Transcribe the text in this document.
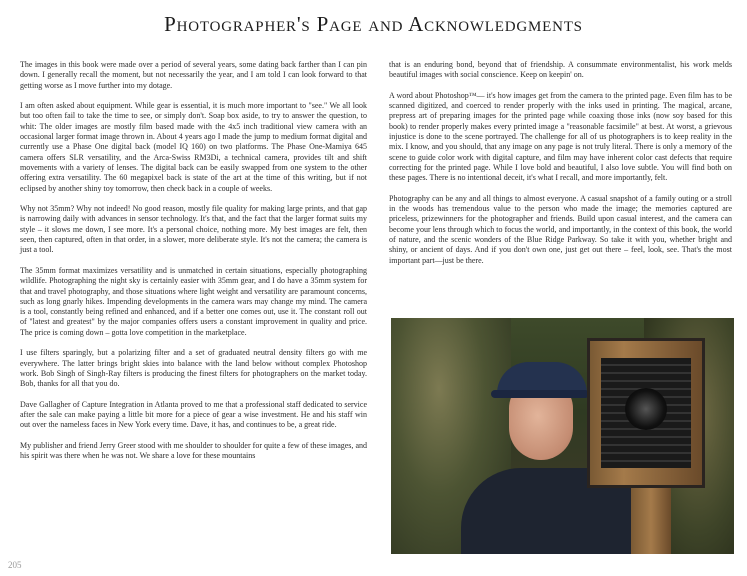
Photographer's Page and Acknowledgments

The images in this book were made over a period of several years, some dating back farther than I can pin down. I generally recall the moment, but not necessarily the year, and I am told I can look forward to that getting worse as I move further into my dotage.

I am often asked about equipment. While gear is essential, it is much more important to "see." We all look but too often fail to take the time to see, or simply don't. Soap box aside, to try to answer the question, to whit: The older images are mostly film based made with the 4x5 inch traditional view camera with an occasional larger format image thrown in. About 4 years ago I made the jump to medium format digital and currently use a Phase One digital back (model IQ 160) on two platforms. The Phase One-Mamiya 645 camera offers SLR versatility, and the Arca-Swiss RM3Di, a technical camera, provides tilt and shift movements with a variety of lenses. The digital back can be easily swapped from one system to the other offering extra versatility. The 60 megapixel back is state of the art at the time of this writing, but if not eclipsed by another shiny toy tomorrow, then check back in a couple of weeks.

Why not 35mm? Why not indeed! No good reason, mostly file quality for making large prints, and that gap is narrowing daily with advances in sensor technology. It's that, and the fact that the larger format suits my style – it slows me down, I see more. It's a personal choice, nothing more. My best images are felt, then seen, then captured, often in that order, in a slower, more deliberate style. It's not the camera; the camera is just a tool.

The 35mm format maximizes versatility and is unmatched in certain situations, especially photographing wildlife. Photographing the night sky is certainly easier with 35mm gear, and I do have a 35mm system for that and travel photography, and those situations where light weight and versatility are paramount concerns, such as long gnarly hikes. Impending developments in the camera wars may change my mind. The camera is a tool, constantly being refined and enhanced, and if a better one comes out, use it. The constant roll out of "latest and greatest" by the major companies offers users a constant improvement in quality and price. The price is coming down – gotta love competition in the marketplace.

I use filters sparingly, but a polarizing filter and a set of graduated neutral density filters go with me everywhere. The latter brings bright skies into balance with the land below without complex Photoshop work. Bob Singh of Singh-Ray filters is producing the finest filters for photographers on the market today. Bob, thanks for all that you do.

Dave Gallagher of Capture Integration in Atlanta proved to me that a professional staff dedicated to service after the sale can make paying a little bit more for a piece of gear a wise investment. He and his staff win out over the nameless faces in New York every time. Dave, it has, and continues to be, a great ride.

My publisher and friend Jerry Greer stood with me shoulder to shoulder for quite a few of these images, and his spirit was there when he was not. We share a love for these mountains

that is an enduring bond, beyond that of friendship. A consummate environmentalist, his work melds beautiful images with social conscience. Keep on keepin' on.

A word about Photoshop™— it's how images get from the camera to the printed page. Even film has to be scanned digitized, and coerced to render properly with the inks used in printing. The magical, arcane, prepress art of preparing images for the printed page while coaxing those inks (now soy based for this book) to render properly makes every printed image a "reasonable facsimile" at best. At worst, a grievous injustice is done to the scene portrayed. The challenge for all of us photographers is to keep reality in the mix. I know, and you should, that any image on any page is not truly literal. There is only a memory of the scene to guide color work with digital capture, and film may have inherent color cast defects that require correcting for the printed page. While I love bold and beautiful, I also love subtle. You will find both on these pages. There is no intentional deceit, it's what I recall, and more importantly, felt.

Photography can be any and all things to almost everyone. A casual snapshot of a family outing or a stroll in the woods has tremendous value to the person who made the image; the memories captured are priceless, prizewinners for the photographer and friends. Build upon casual interest, and the camera can become your lens through which to focus the world, and importantly, in the context of this book, the world of nature, and the scenic wonders of the Blue Ridge Parkway. So take it with you, whether bright and shiny, or ancient of days. And if you don't own one, just get out there – feel, look, see. That's the most important part—just be there.

205
